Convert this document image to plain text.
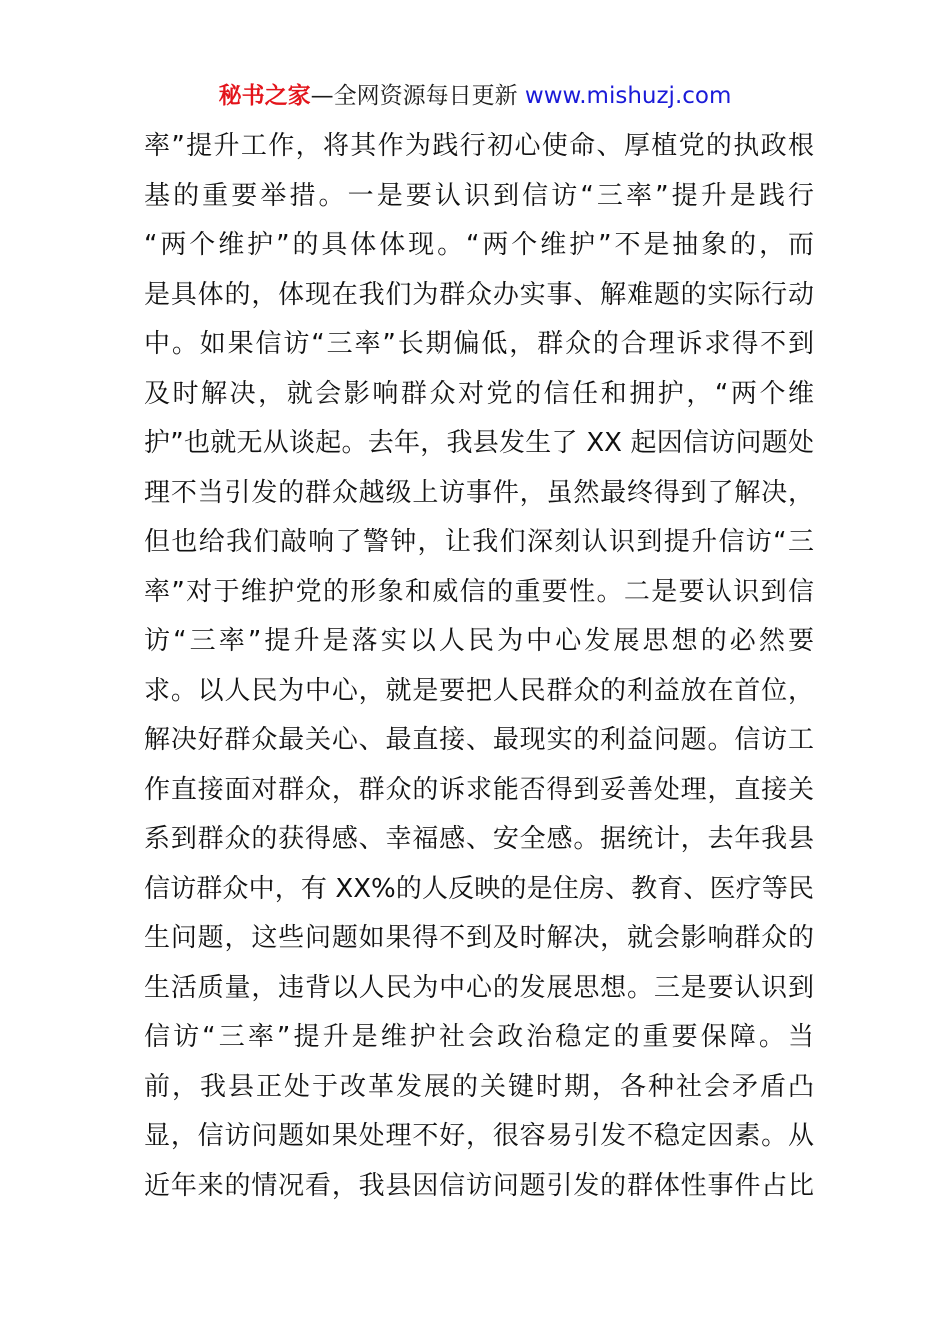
秘书之家—全网资源每日更新 www.mishuzj.com
率”提升工作，将其作为践行初心使命、厚植党的执政根
基的重要举措。一是要认识到信访“三率”提升是践行
“两个维护”的具体体现。“两个维护”不是抽象的，而
是具体的，体现在我们为群众办实事、解难题的实际行动
中。如果信访“三率”长期偏低，群众的合理诉求得不到
及时解决，就会影响群众对党的信任和拥护，“两个维
护”也就无从谈起。去年，我县发生了 XX 起因信访问题处
理不当引发的群众越级上访事件，虽然最终得到了解决，
但也给我们敲响了警钟，让我们深刻认识到提升信访“三
率”对于维护党的形象和威信的重要性。二是要认识到信
访“三率”提升是落实以人民为中心发展思想的必然要
求。以人民为中心，就是要把人民群众的利益放在首位，
解决好群众最关心、最直接、最现实的利益问题。信访工
作直接面对群众，群众的诉求能否得到妥善处理，直接关
系到群众的获得感、幸福感、安全感。据统计，去年我县
信访群众中，有 XX%的人反映的是住房、教育、医疗等民
生问题，这些问题如果得不到及时解决，就会影响群众的
生活质量，违背以人民为中心的发展思想。三是要认识到
信访“三率”提升是维护社会政治稳定的重要保障。当
前，我县正处于改革发展的关键时期，各种社会矛盾凸
显，信访问题如果处理不好，很容易引发不稳定因素。从
近年来的情况看，我县因信访问题引发的群体性事件占比
